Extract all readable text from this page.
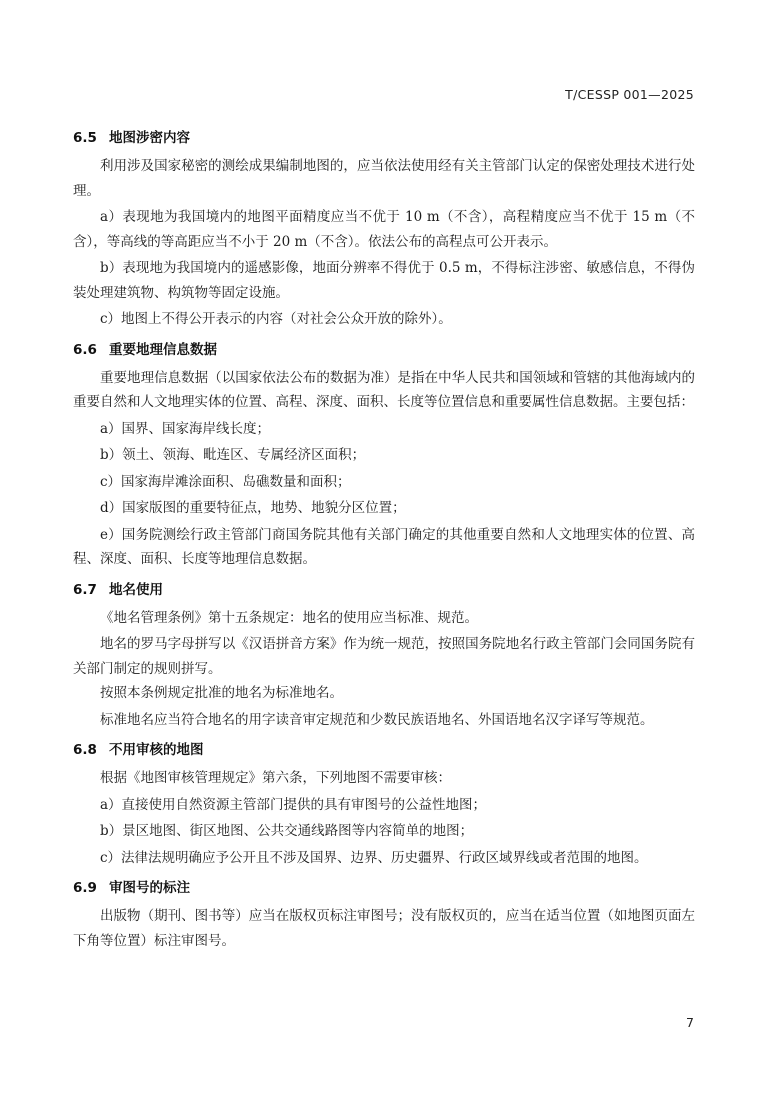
T/CESSP 001—2025
6.5 地图涉密内容

利用涉及国家秘密的测绘成果编制地图的，应当依法使用经有关主管部门认定的保密处理技术进行处理。

a）表现地为我国境内的地图平面精度应当不优于 10 m（不含），高程精度应当不优于 15 m（不含），等高线的等高距应当不小于 20 m（不含）。依法公布的高程点可公开表示。

b）表现地为我国境内的遥感影像，地面分辨率不得优于 0.5 m，不得标注涉密、敏感信息，不得伪装处理建筑物、构筑物等固定设施。

c）地图上不得公开表示的内容（对社会公众开放的除外）。

6.6 重要地理信息数据

重要地理信息数据（以国家依法公布的数据为准）是指在中华人民共和国领域和管辖的其他海域内的重要自然和人文地理实体的位置、高程、深度、面积、长度等位置信息和重要属性信息数据。主要包括：

a）国界、国家海岸线长度；

b）领土、领海、毗连区、专属经济区面积；

c）国家海岸滩涂面积、岛礁数量和面积；

d）国家版图的重要特征点，地势、地貌分区位置；

e）国务院测绘行政主管部门商国务院其他有关部门确定的其他重要自然和人文地理实体的位置、高程、深度、面积、长度等地理信息数据。

6.7 地名使用

《地名管理条例》第十五条规定：地名的使用应当标准、规范。

地名的罗马字母拼写以《汉语拼音方案》作为统一规范，按照国务院地名行政主管部门会同国务院有关部门制定的规则拼写。

按照本条例规定批准的地名为标准地名。

标准地名应当符合地名的用字读音审定规范和少数民族语地名、外国语地名汉字译写等规范。

6.8 不用审核的地图

根据《地图审核管理规定》第六条，下列地图不需要审核：

a）直接使用自然资源主管部门提供的具有审图号的公益性地图；

b）景区地图、街区地图、公共交通线路图等内容简单的地图；

c）法律法规明确应予公开且不涉及国界、边界、历史疆界、行政区域界线或者范围的地图。

6.9 审图号的标注

出版物（期刊、图书等）应当在版权页标注审图号；没有版权页的，应当在适当位置（如地图页面左下角等位置）标注审图号。

7
